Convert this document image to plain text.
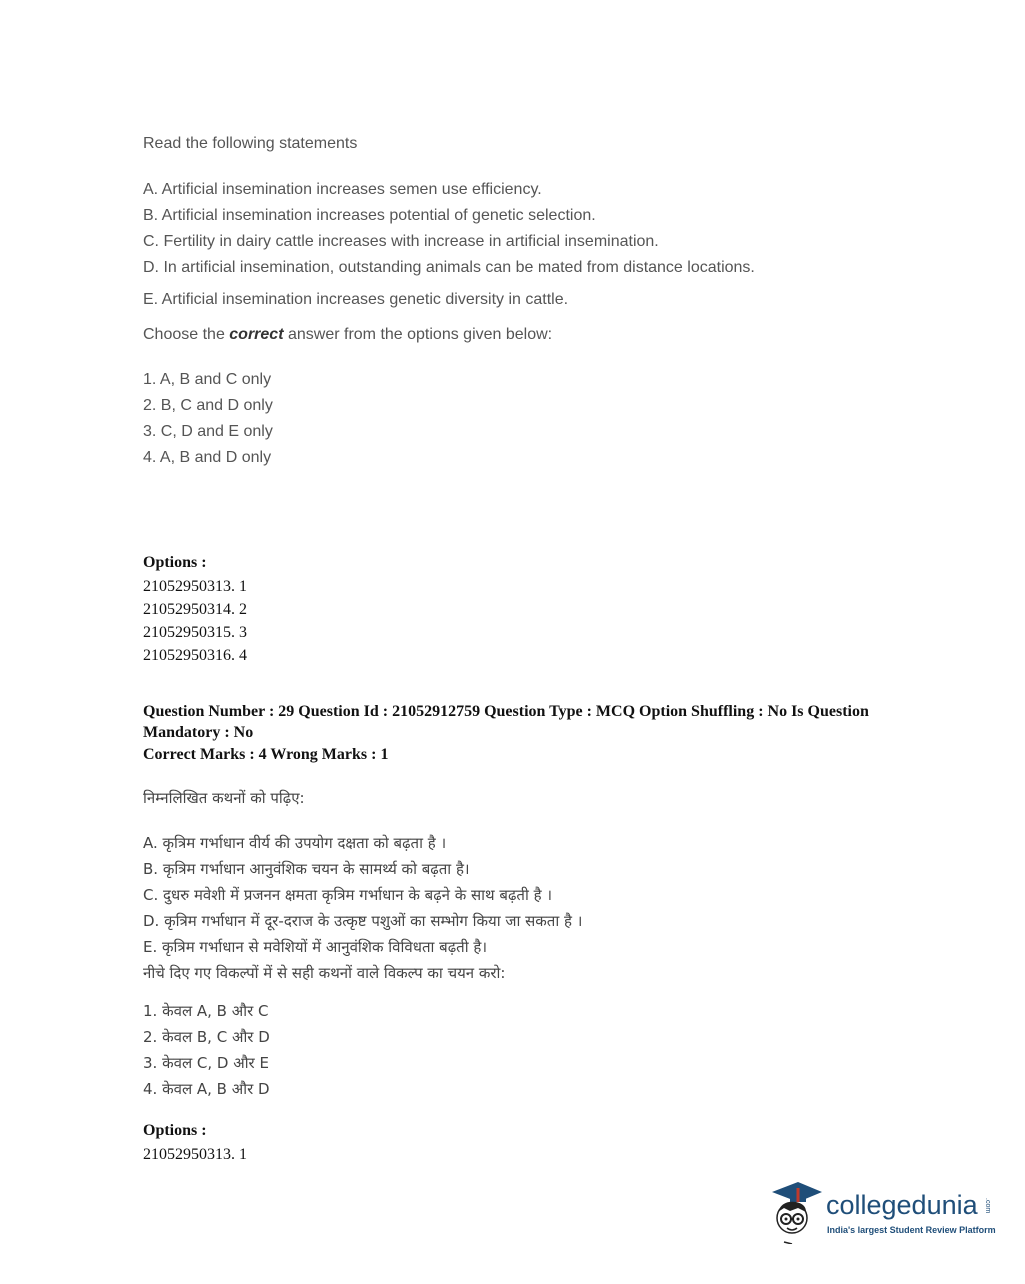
Read the following statements

A. Artificial insemination increases semen use efficiency.
B. Artificial insemination increases potential of genetic selection.
C. Fertility in dairy cattle increases with increase in artificial insemination.
D. In artificial insemination, outstanding animals can be mated from distance locations.
E. Artificial insemination increases genetic diversity in cattle.
Choose the correct answer from the options given below:
1. A, B and C only
2. B, C and D only
3. C, D and E only
4. A, B and D only
Options :
21052950313. 1
21052950314. 2
21052950315. 3
21052950316. 4
Question Number : 29 Question Id : 21052912759 Question Type : MCQ Option Shuffling : No Is Question Mandatory : No
Correct Marks : 4 Wrong Marks : 1
निम्नलिखित कथनों को पढ़िए:
A. कृत्रिम गर्भाधान वीर्य की उपयोग दक्षता को बढ़ता है ।
B. कृत्रिम गर्भाधान आनुवंशिक चयन के सामर्थ्य को बढ़ता है।
C. दुधरु मवेशी में प्रजनन क्षमता कृत्रिम गर्भाधान के बढ़ने के साथ बढ़ती है ।
D. कृत्रिम गर्भाधान में दूर-दराज के उत्कृष्ट पशुओं का सम्भोग किया जा सकता है ।
E. कृत्रिम गर्भाधान से मवेशियों में आनुवंशिक विविधता बढ़ती है।
नीचे दिए गए विकल्पों में से सही कथनों वाले विकल्प का चयन करो:
1. केवल A, B और C
2. केवल B, C और D
3. केवल C, D और E
4. केवल A, B और D
Options :
21052950313. 1
collegedunia .com
India's largest Student Review Platform
